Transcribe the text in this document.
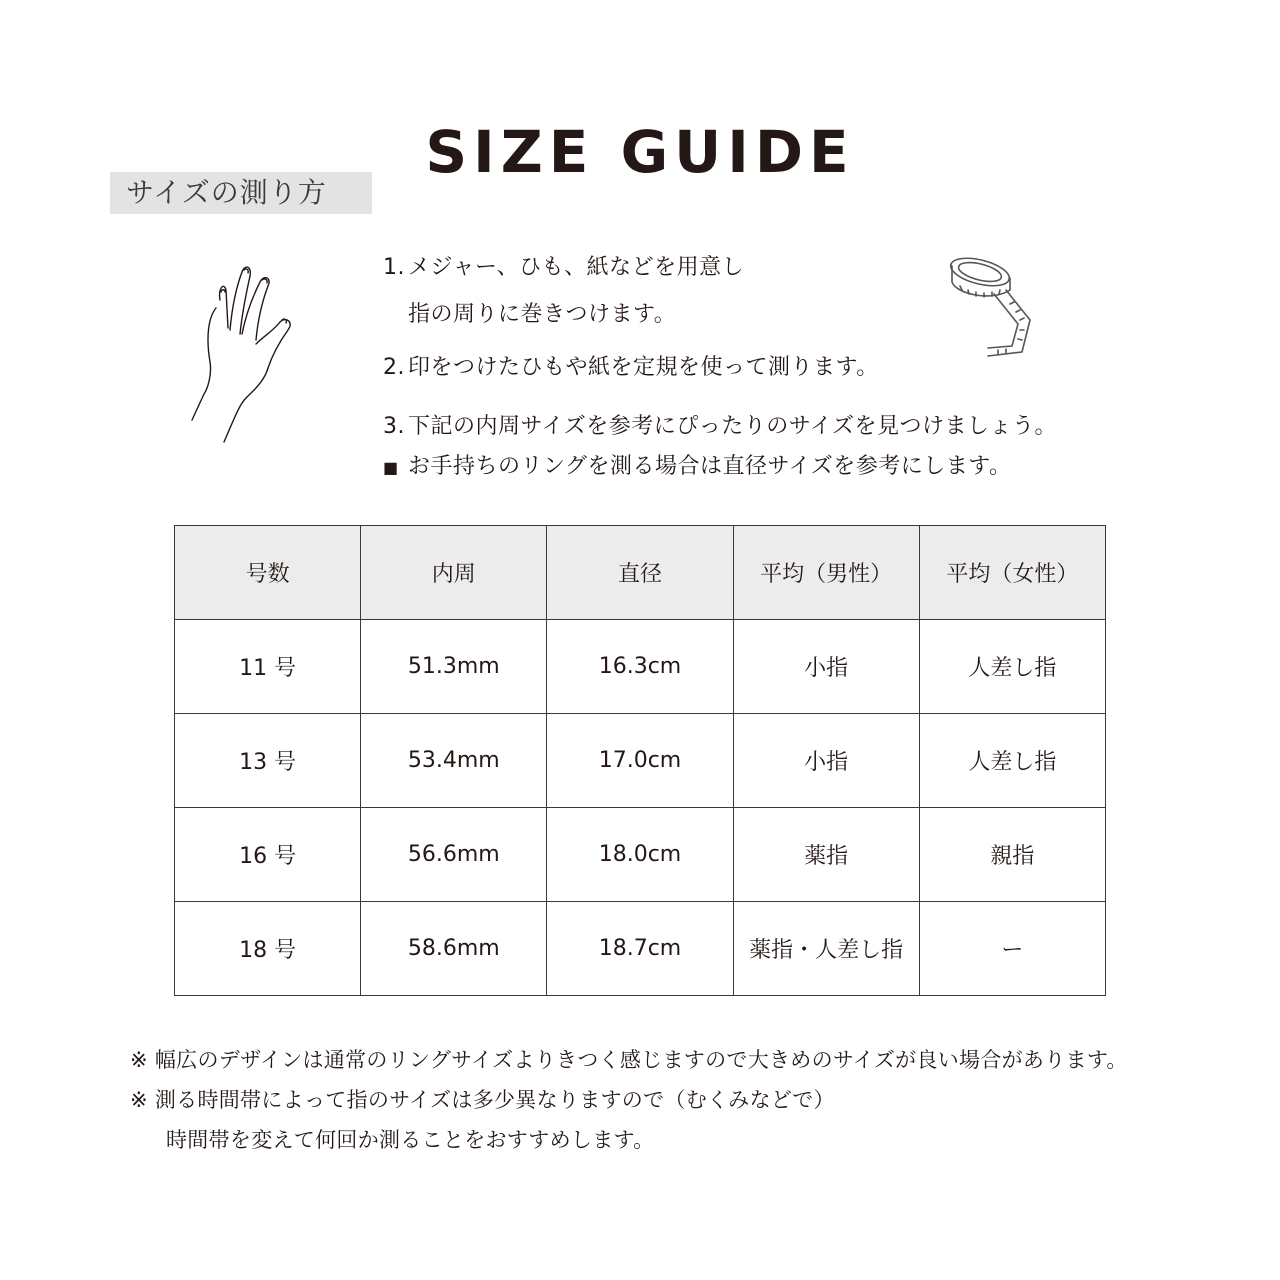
SIZE GUIDE
サイズの測り方
1. メジャー、ひも、紙などを用意し
指の周りに巻きつけます。
2. 印をつけたひもや紙を定規を使って測ります。
3. 下記の内周サイズを参考にぴったりのサイズを見つけましょう。
■ お手持ちのリングを測る場合は直径サイズを参考にします。
号数	内周	直径	平均（男性）	平均（女性）
11 号	51.3mm	16.3cm	小指	人差し指
13 号	53.4mm	17.0cm	小指	人差し指
16 号	56.6mm	18.0cm	薬指	親指
18 号	58.6mm	18.7cm	薬指・人差し指	ー
※ 幅広のデザインは通常のリングサイズよりきつく感じますので大きめのサイズが良い場合があります。
※ 測る時間帯によって指のサイズは多少異なりますので（むくみなどで）
時間帯を変えて何回か測ることをおすすめします。
